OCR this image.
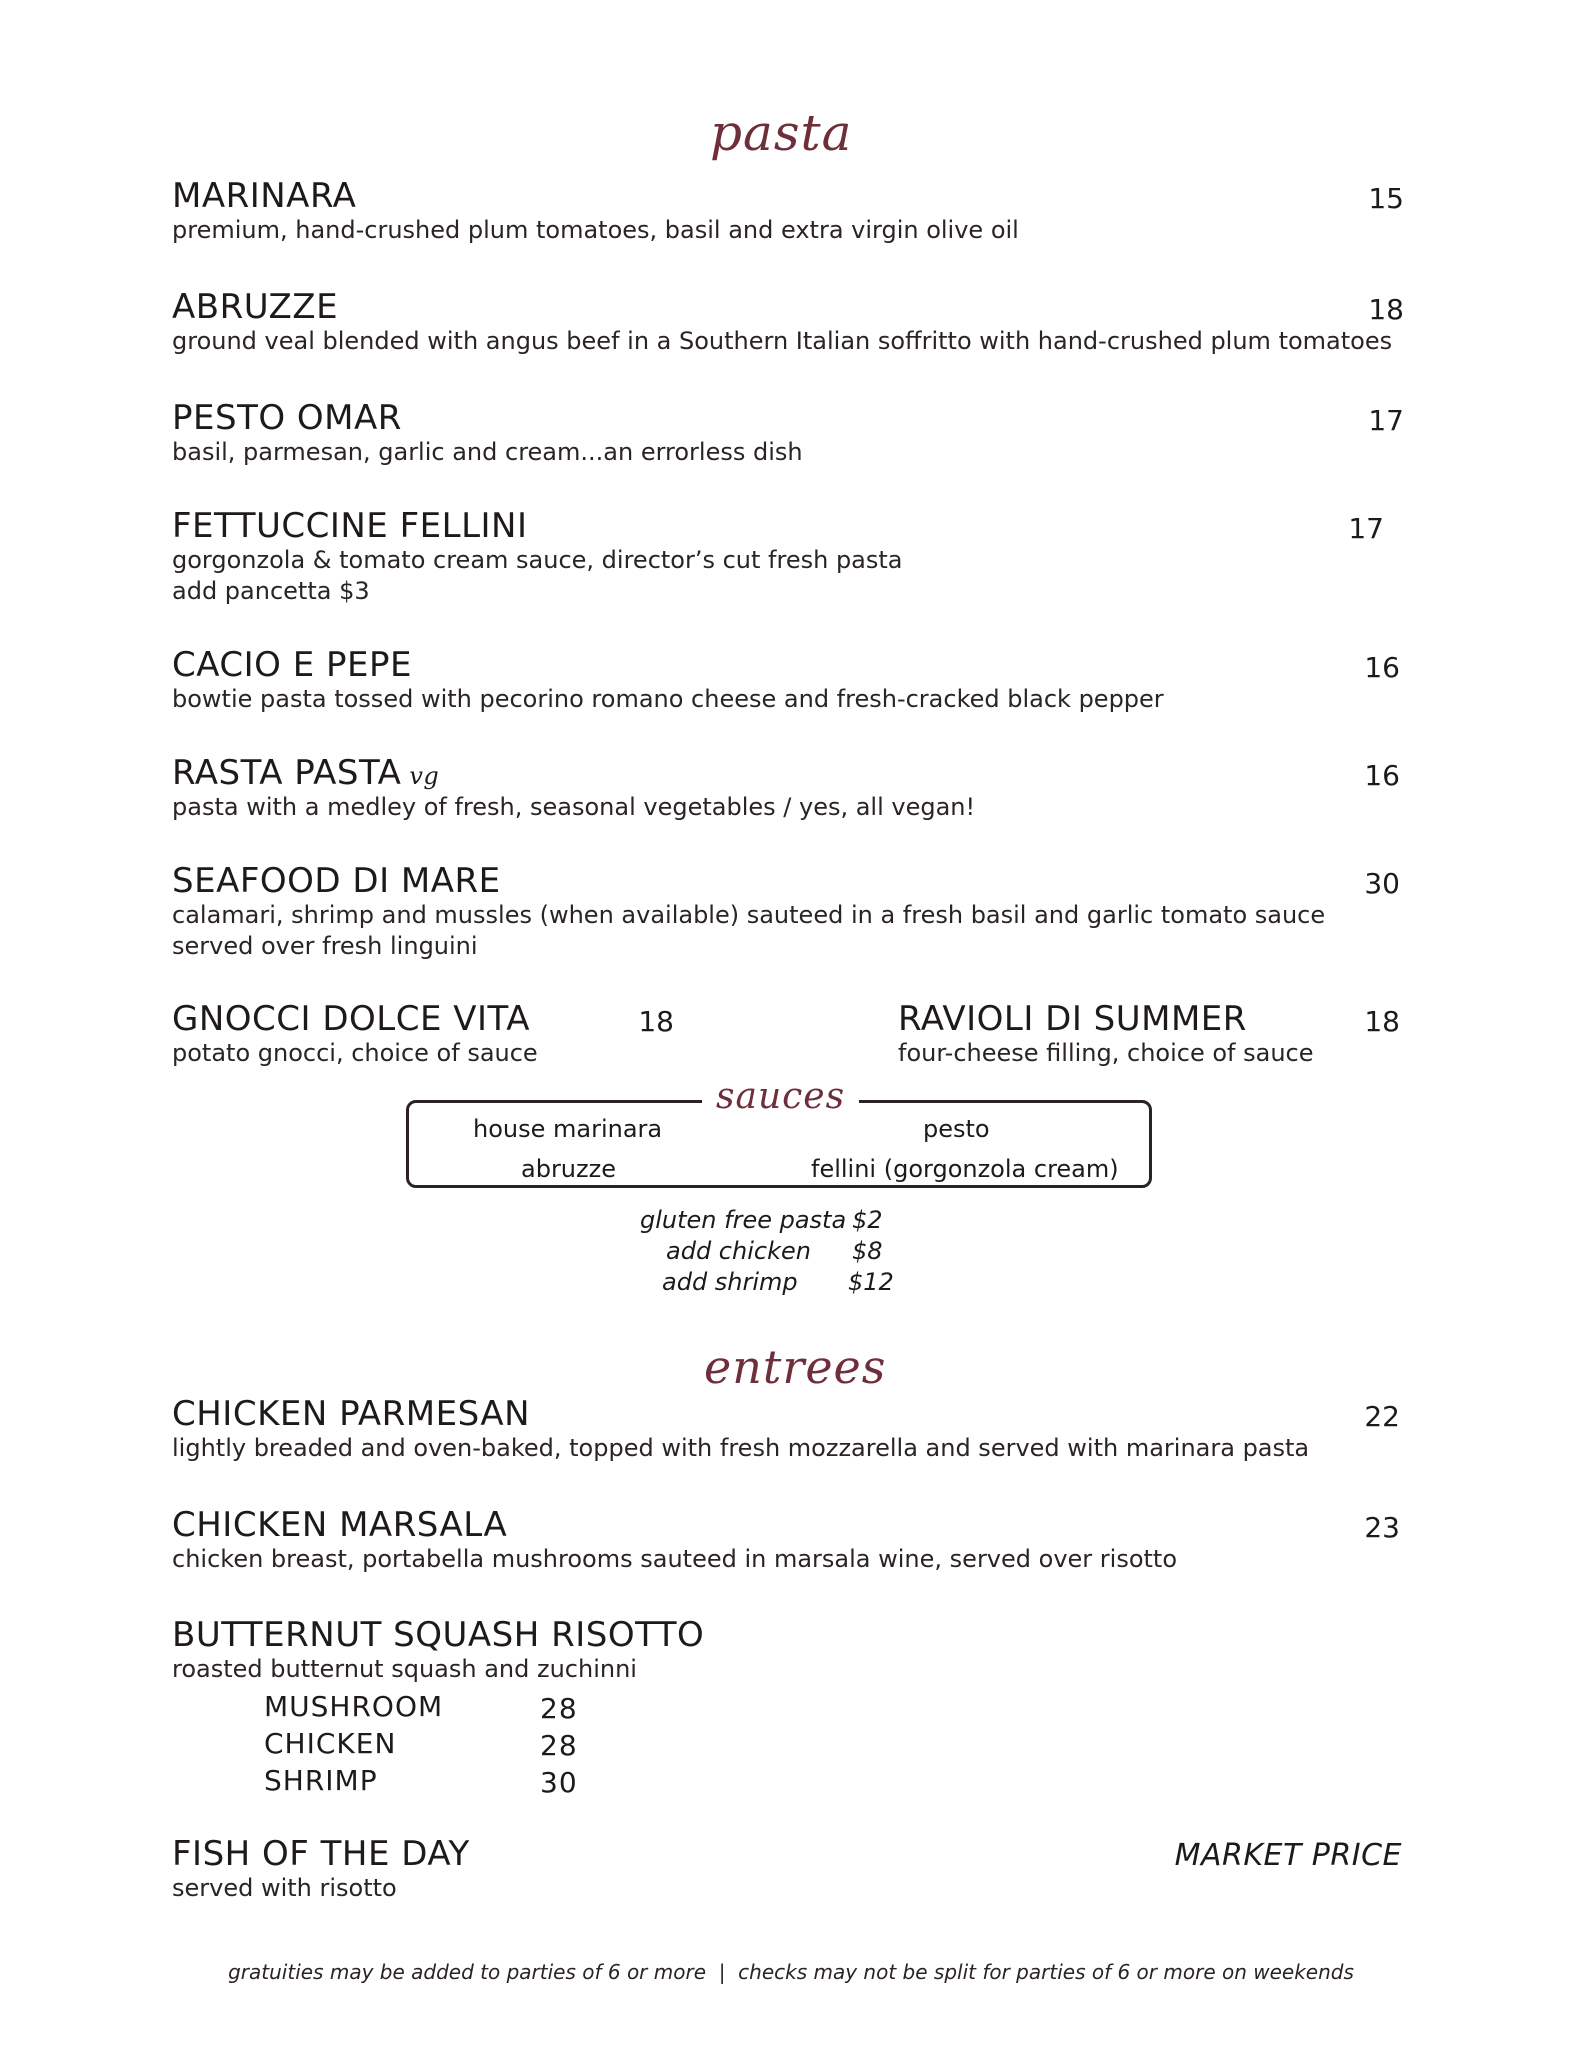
pasta
MARINARA	15
premium, hand-crushed plum tomatoes, basil and extra virgin olive oil
ABRUZZE	18
ground veal blended with angus beef in a Southern Italian soffritto with hand-crushed plum tomatoes
PESTO OMAR	17
basil, parmesan, garlic and cream...an errorless dish
FETTUCCINE FELLINI	17
gorgonzola & tomato cream sauce, director’s cut fresh pasta
add pancetta $3
CACIO E PEPE	16
bowtie pasta tossed with pecorino romano cheese and fresh-cracked black pepper
RASTA PASTA vg	16
pasta with a medley of fresh, seasonal vegetables / yes, all vegan!
SEAFOOD DI MARE	30
calamari, shrimp and mussles (when available) sauteed in a fresh basil and garlic tomato sauce
served over fresh linguini
GNOCCI DOLCE VITA	18
potato gnocci, choice of sauce
RAVIOLI DI SUMMER	18
four-cheese filling, choice of sauce
house marinara	pesto
abruzze	fellini (gorgonzola cream)
sauces
gluten free pasta $2
add chicken $8
add shrimp $12
entrees
CHICKEN PARMESAN	22
lightly breaded and oven-baked, topped with fresh mozzarella and served with marinara pasta
CHICKEN MARSALA	23
chicken breast, portabella mushrooms sauteed in marsala wine, served over risotto
BUTTERNUT SQUASH RISOTTO
roasted butternut squash and zuchinni
MUSHROOM	28
CHICKEN	28
SHRIMP	30
FISH OF THE DAY	MARKET PRICE
served with risotto
gratuities may be added to parties of 6 or more  |  checks may not be split for parties of 6 or more on weekends
